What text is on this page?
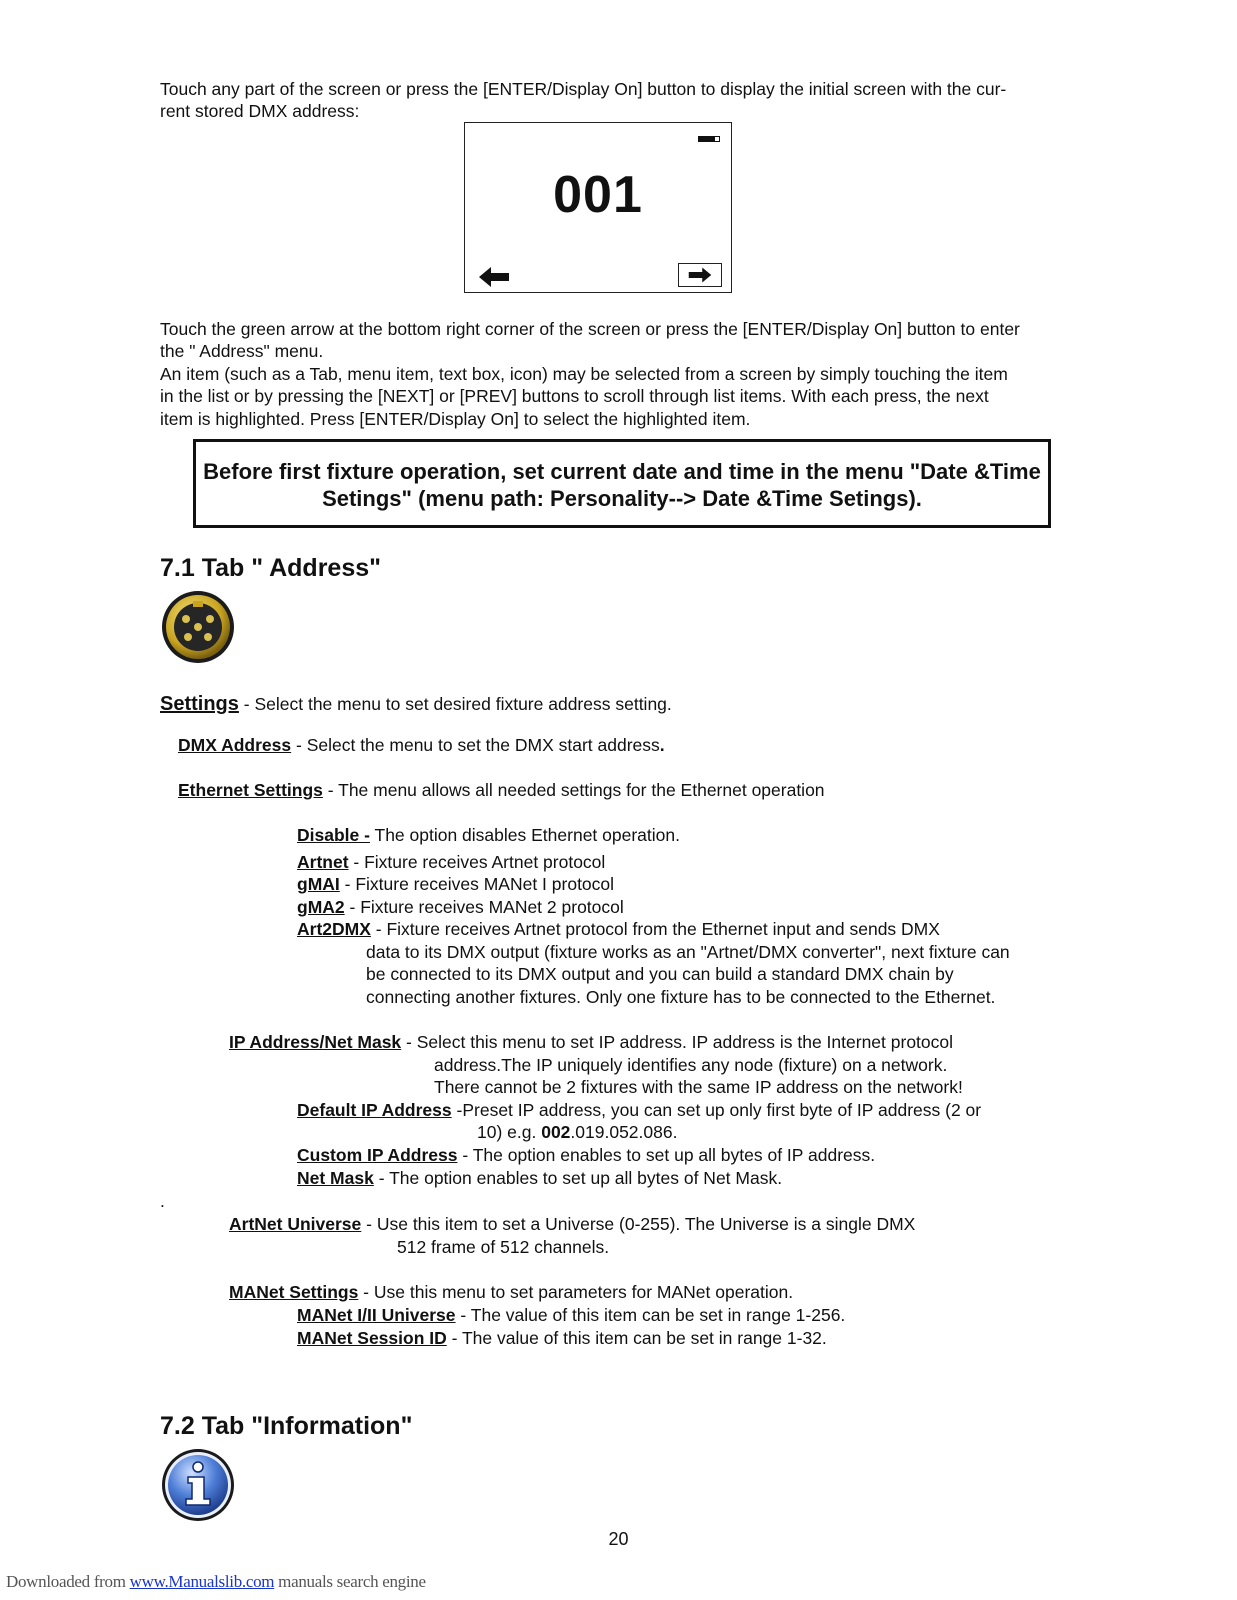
Touch any part of the screen or press the [ENTER/Display On] button to display the initial screen with the cur-
rent stored DMX address:
001
Touch the green arrow at the bottom right corner of the screen or press the [ENTER/Display On] button to enter
the " Address" menu.
An item (such as a Tab, menu item, text box, icon) may be selected from a screen by simply touching the item
in the list or by pressing the [NEXT] or [PREV] buttons to scroll through list items. With each press, the next
item is highlighted. Press [ENTER/Display On] to select the highlighted item.
Before first fixture operation, set current date and time in the menu "Date &Time
Setings" (menu path: Personality--> Date &Time Setings).
7.1 Tab " Address"
Settings - Select the menu to set desired fixture address setting.
DMX Address - Select the menu to set the DMX start address.
Ethernet Settings - The menu allows all needed settings for the Ethernet operation
Disable - The option disables Ethernet operation.
Artnet - Fixture receives Artnet protocol
gMAI - Fixture receives MANet I protocol
gMA2 - Fixture receives MANet 2 protocol
Art2DMX - Fixture receives Artnet protocol from the Ethernet input and sends DMX
data to its DMX output (fixture works as an "Artnet/DMX converter", next fixture can
be connected to its DMX output and you can build a standard DMX chain by
connecting another fixtures. Only one fixture has to be connected to the Ethernet.
IP Address/Net Mask - Select this menu to set IP address. IP address is the Internet protocol
address.The IP uniquely identifies any node (fixture) on a network.
There cannot be 2 fixtures with the same IP address on the network!
Default IP Address -Preset IP address, you can set up only first byte of IP address (2 or
10) e.g. 002.019.052.086.
Custom IP Address - The option enables to set up all bytes of IP address.
Net Mask - The option enables to set up all bytes of Net Mask.
.
ArtNet Universe - Use this item to set a Universe (0-255). The Universe is a single DMX
512 frame of 512 channels.
MANet Settings - Use this menu to set parameters for MANet operation.
MANet I/II Universe - The value of this item can be set in range 1-256.
MANet Session ID - The value of this item can be set in range 1-32.
7.2 Tab "Information"
20
Downloaded from www.Manualslib.com manuals search engine
